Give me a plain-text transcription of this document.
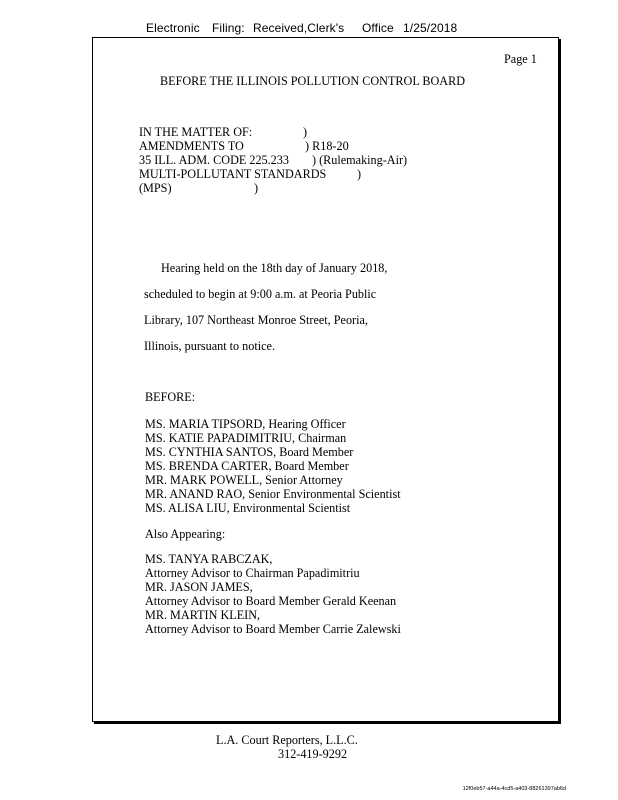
Electronic Filing: Received,Clerk's Office 1/25/2018
Page 1
BEFORE THE ILLINOIS POLLUTION CONTROL BOARD
IN THE MATTER OF:	)
AMENDMENTS TO	) R18-20
35 ILL. ADM. CODE 225.233 ) (Rulemaking-Air)
MULTI-POLLUTANT STANDARDS	)
(MPS)	)
Hearing held on the 18th day of January 2018,
scheduled to begin at 9:00 a.m. at Peoria Public
Library, 107 Northeast Monroe Street, Peoria,
Illinois, pursuant to notice.
BEFORE:
MS. MARIA TIPSORD, Hearing Officer
MS. KATIE PAPADIMITRIU, Chairman
MS. CYNTHIA SANTOS, Board Member
MS. BRENDA CARTER, Board Member
MR. MARK POWELL, Senior Attorney
MR. ANAND RAO, Senior Environmental Scientist
MS. ALISA LIU, Environmental Scientist
Also Appearing:
MS. TANYA RABCZAK,
Attorney Advisor to Chairman Papadimitriu
MR. JASON JAMES,
Attorney Advisor to Board Member Gerald Keenan
MR. MARTIN KLEIN,
Attorney Advisor to Board Member Carrie Zalewski
L.A. Court Reporters, L.L.C.
312-419-9292
12f0eb57-a44a-4cd5-a403-88261397ab6d
